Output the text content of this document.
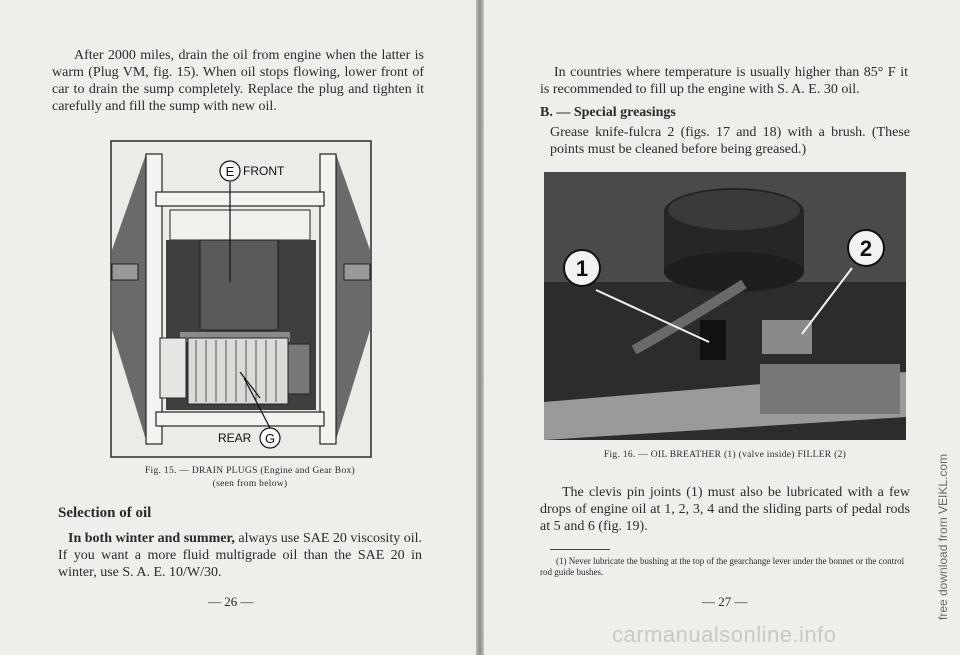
After 2000 miles, drain the oil from engine when the latter is warm (Plug VM, fig. 15). When oil stops flowing, lower front of car to drain the sump completely. Replace the plug and tighten it carefully and fill the sump with new oil.
E FRONT
G
REAR
Fig. 15. — DRAIN PLUGS (Engine and Gear Box)
(seen from below)
Selection of oil
In both winter and summer, always use SAE 20 viscosity oil. If you want a more fluid multigrade oil than the SAE 20 in winter, use S. A. E. 10/W/30.
— 26 —
In countries where temperature is usually higher than 85° F it is recommended to fill up the engine with S. A. E. 30 oil.
B. — Special greasings
Grease knife-fulcra 2 (figs. 17 and 18) with a brush. (These points must be cleaned before being greased.)
1
2
Fig. 16. — OIL BREATHER (1) (valve inside) FILLER (2)
The clevis pin joints (1) must also be lubricated with a few drops of engine oil at 1, 2, 3, 4 and the sliding parts of pedal rods at 5 and 6 (fig. 19).
(1) Never lubricate the bushing at the top of the gearchange lever under the bonnet or the control rod guide bushes.
— 27 —	free download from VEIKL.com
carmanualsonline.info
